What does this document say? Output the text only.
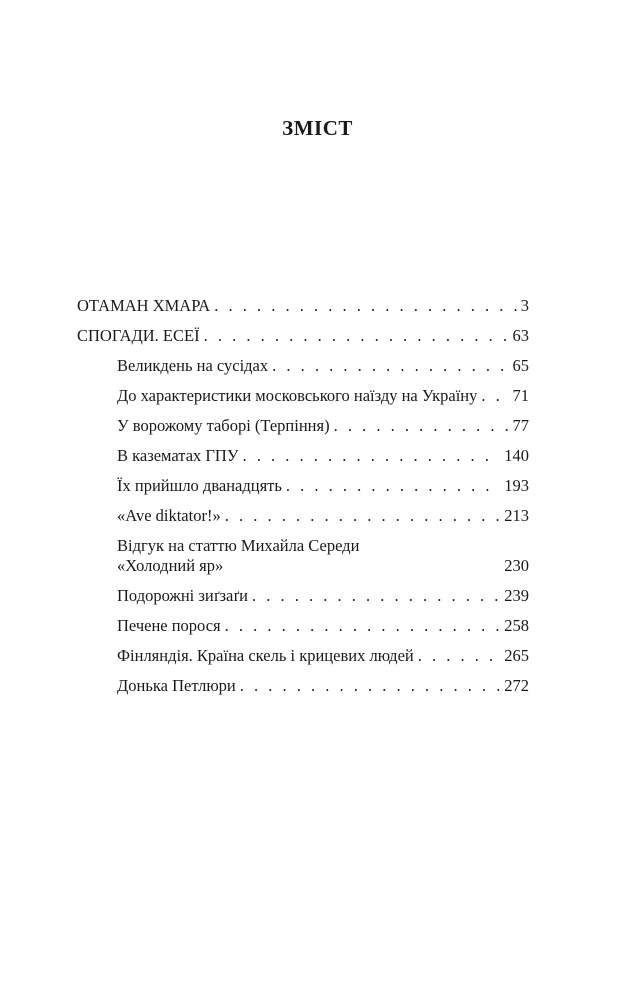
ЗМІСТ
ОТАМАН ХМАРА . . .	3
СПОГАДИ. ЕСЕЇ . . .	63
Великдень на сусідах . . .	65
До характеристики московського наїзду на Україну . . . 71
У ворожому таборі (Терпіння) . . .	77
В казематах ГПУ . . .	140
Їх прийшло дванадцять . . .	193
«Ave diktator!» . . .	213
Відгук на статтю Михайла Середи
«Холодний яр»	230
Подорожні зиґзаґи . . .	239
Печене порося . . .	258
Фінляндія. Країна скель і крицевих людей . . .	265
Донька Петлюри . . .	272
